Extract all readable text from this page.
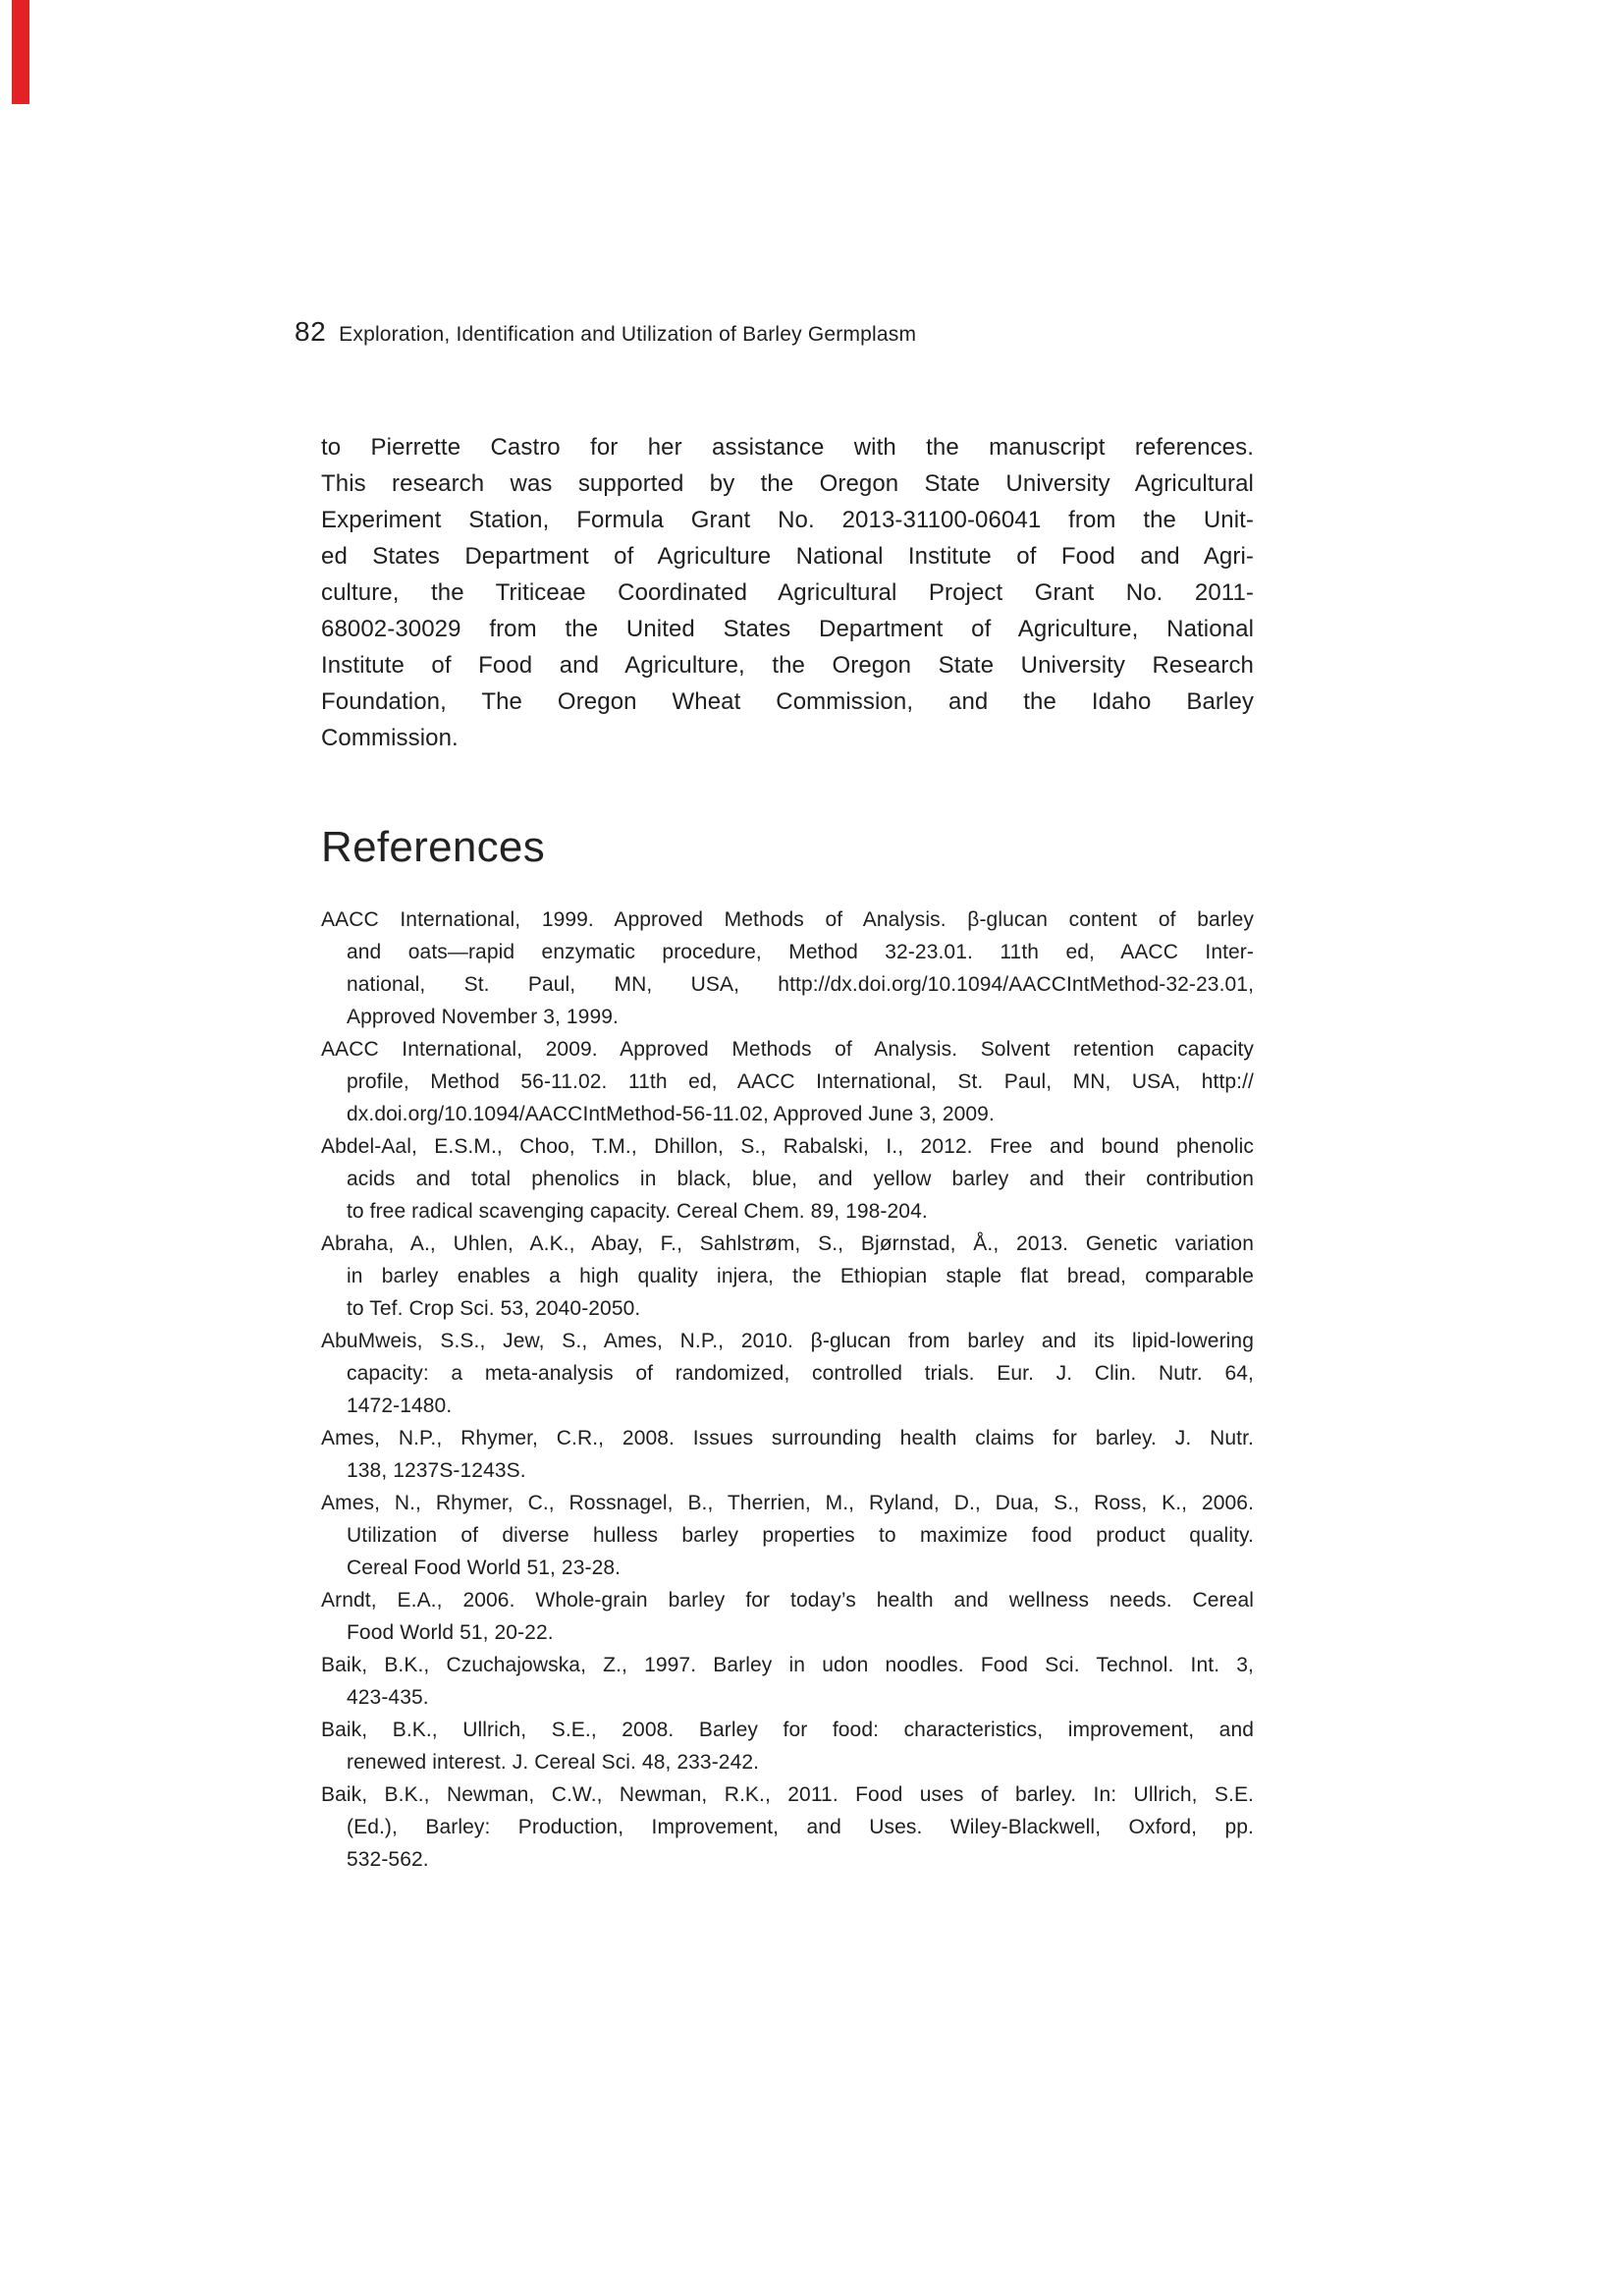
82 Exploration, Identification and Utilization of Barley Germplasm
to Pierrette Castro for her assistance with the manuscript references.
This research was supported by the Oregon State University Agricultural
Experiment Station, Formula Grant No. 2013-31100-06041 from the Unit-
ed States Department of Agriculture National Institute of Food and Agri-
culture, the Triticeae Coordinated Agricultural Project Grant No. 2011-
68002-30029 from the United States Department of Agriculture, National
Institute of Food and Agriculture, the Oregon State University Research
Foundation, The Oregon Wheat Commission, and the Idaho Barley
Commission.
References
AACC International, 1999. Approved Methods of Analysis. β-glucan content of barley
and oats—rapid enzymatic procedure, Method 32-23.01. 11th ed, AACC Inter-
national, St. Paul, MN, USA, http://dx.doi.org/10.1094/AACCIntMethod-32-23.01,
Approved November 3, 1999.
AACC International, 2009. Approved Methods of Analysis. Solvent retention capacity
profile, Method 56-11.02. 11th ed, AACC International, St. Paul, MN, USA, http://
dx.doi.org/10.1094/AACCIntMethod-56-11.02, Approved June 3, 2009.
Abdel-Aal, E.S.M., Choo, T.M., Dhillon, S., Rabalski, I., 2012. Free and bound phenolic
acids and total phenolics in black, blue, and yellow barley and their contribution
to free radical scavenging capacity. Cereal Chem. 89, 198-204.
Abraha, A., Uhlen, A.K., Abay, F., Sahlstrøm, S., Bjørnstad, Å., 2013. Genetic variation
in barley enables a high quality injera, the Ethiopian staple flat bread, comparable
to Tef. Crop Sci. 53, 2040-2050.
AbuMweis, S.S., Jew, S., Ames, N.P., 2010. β-glucan from barley and its lipid-lowering
capacity: a meta-analysis of randomized, controlled trials. Eur. J. Clin. Nutr. 64,
1472-1480.
Ames, N.P., Rhymer, C.R., 2008. Issues surrounding health claims for barley. J. Nutr.
138, 1237S-1243S.
Ames, N., Rhymer, C., Rossnagel, B., Therrien, M., Ryland, D., Dua, S., Ross, K., 2006.
Utilization of diverse hulless barley properties to maximize food product quality.
Cereal Food World 51, 23-28.
Arndt, E.A., 2006. Whole-grain barley for today’s health and wellness needs. Cereal
Food World 51, 20-22.
Baik, B.K., Czuchajowska, Z., 1997. Barley in udon noodles. Food Sci. Technol. Int. 3,
423-435.
Baik, B.K., Ullrich, S.E., 2008. Barley for food: characteristics, improvement, and
renewed interest. J. Cereal Sci. 48, 233-242.
Baik, B.K., Newman, C.W., Newman, R.K., 2011. Food uses of barley. In: Ullrich, S.E.
(Ed.), Barley: Production, Improvement, and Uses. Wiley-Blackwell, Oxford, pp.
532-562.
